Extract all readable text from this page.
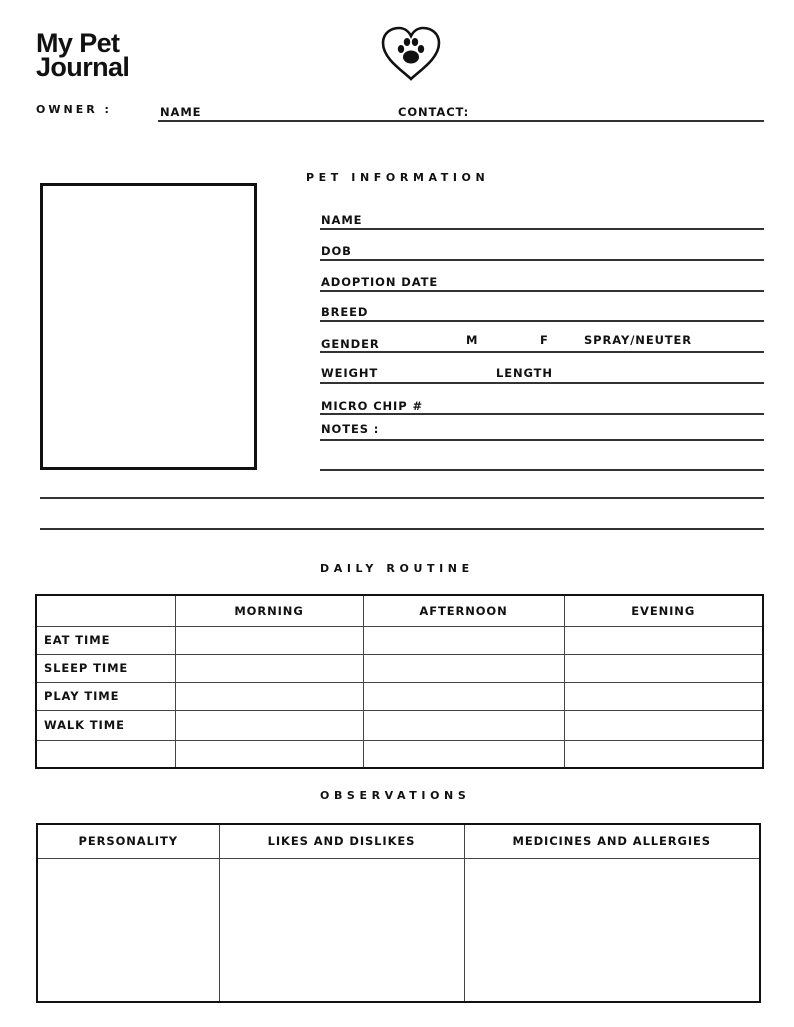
My Pet
Journal
OWNER :	NAME	CONTACT:
PET INFORMATION
NAME
DOB
ADOPTION DATE
BREED
GENDER	M	F	SPRAY/NEUTER
WEIGHT	LENGTH
MICRO CHIP #
NOTES :
DAILY ROUTINE
	MORNING	AFTERNOON	EVENING
EAT TIME			
SLEEP TIME			
PLAY TIME			
WALK TIME			

OBSERVATIONS
PERSONALITY	LIKES AND DISLIKES	MEDICINES AND ALLERGIES
